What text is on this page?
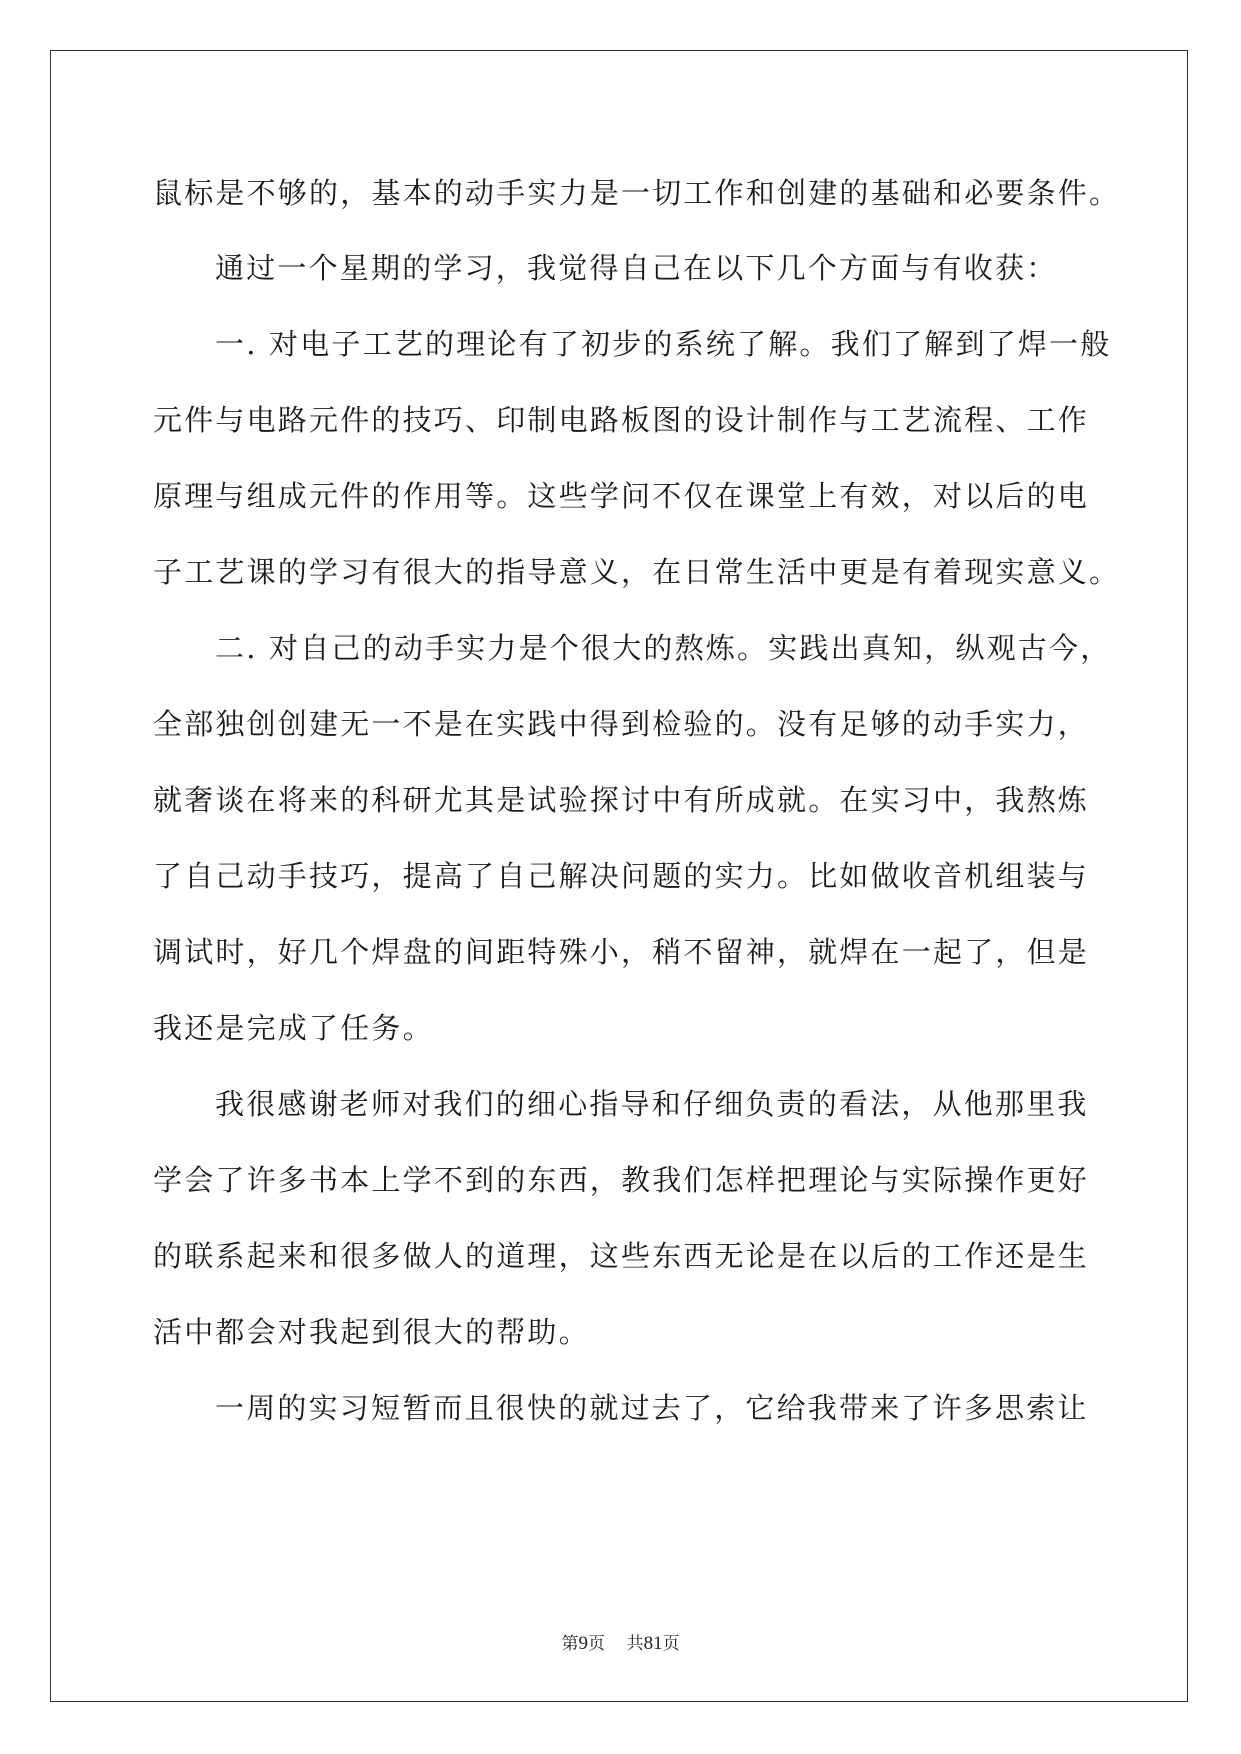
鼠标是不够的，基本的动手实力是一切工作和创建的基础和必要条件。
通过一个星期的学习，我觉得自己在以下几个方面与有收获：
一. 对电子工艺的理论有了初步的系统了解。我们了解到了焊一般
元件与电路元件的技巧、印制电路板图的设计制作与工艺流程、工作
原理与组成元件的作用等。这些学问不仅在课堂上有效，对以后的电
子工艺课的学习有很大的指导意义，在日常生活中更是有着现实意义。
二. 对自己的动手实力是个很大的熬炼。实践出真知，纵观古今，
全部独创创建无一不是在实践中得到检验的。没有足够的动手实力，
就奢谈在将来的科研尤其是试验探讨中有所成就。在实习中，我熬炼
了自己动手技巧，提高了自己解决问题的实力。比如做收音机组装与
调试时，好几个焊盘的间距特殊小，稍不留神，就焊在一起了，但是
我还是完成了任务。
我很感谢老师对我们的细心指导和仔细负责的看法，从他那里我
学会了许多书本上学不到的东西，教我们怎样把理论与实际操作更好
的联系起来和很多做人的道理，这些东西无论是在以后的工作还是生
活中都会对我起到很大的帮助。
一周的实习短暂而且很快的就过去了，它给我带来了许多思索让
第9页 共81页
